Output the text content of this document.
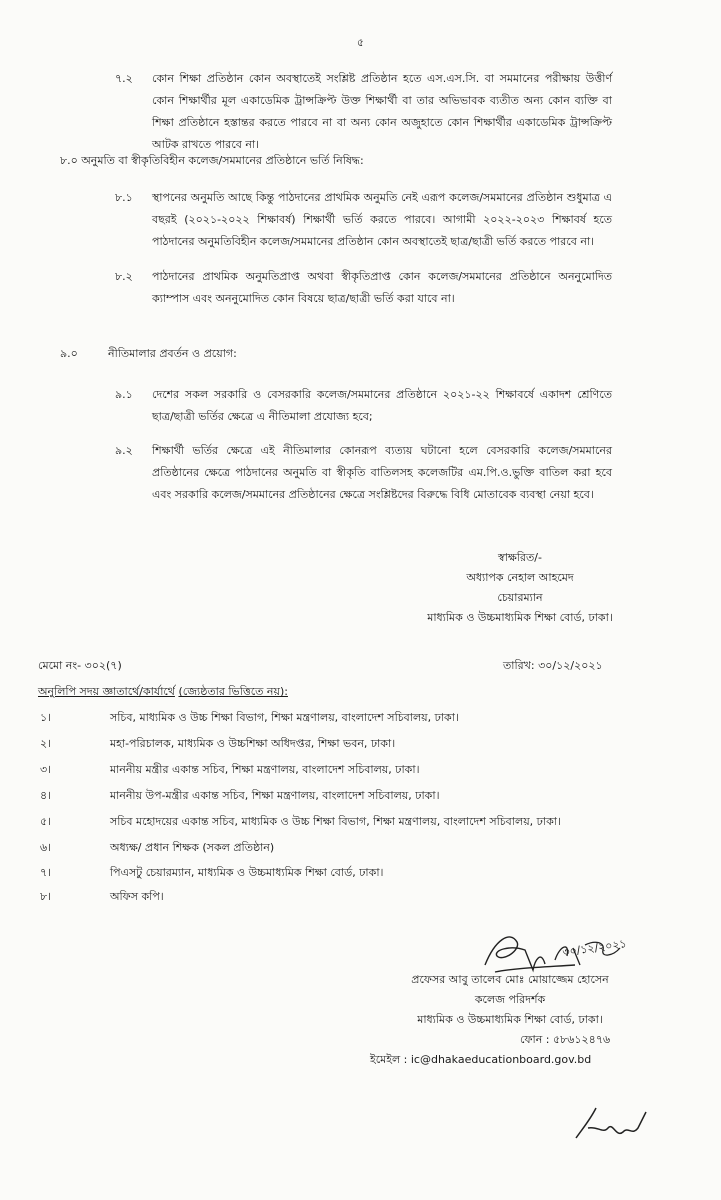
৫
৭.২ কোন শিক্ষা প্রতিষ্ঠান কোন অবস্থাতেই সংশ্লিষ্ট প্রতিষ্ঠান হতে এস.এস.সি. বা সমমানের পরীক্ষায় উত্তীর্ণ কোন শিক্ষার্থীর মূল একাডেমিক ট্রান্সক্রিপ্ট উক্ত শিক্ষার্থী বা তার অভিভাবক ব্যতীত অন্য কোন ব্যক্তি বা শিক্ষা প্রতিষ্ঠানে হস্তান্তর করতে পারবে না বা অন্য কোন অজুহাতে কোন শিক্ষার্থীর একাডেমিক ট্রান্সক্রিপ্ট আটক রাখতে পারবে না।
৮.০ অনুমতি বা স্বীকৃতিবিহীন কলেজ/সমমানের প্রতিষ্ঠানে ভর্তি নিষিদ্ধ:
৮.১ স্থাপনের অনুমতি আছে কিন্তু পাঠদানের প্রাথমিক অনুমতি নেই এরূপ কলেজ/সমমানের প্রতিষ্ঠান শুধুমাত্র এ বছরই (২০২১-২০২২ শিক্ষাবর্ষ) শিক্ষার্থী ভর্তি করতে পারবে। আগামী ২০২২-২০২৩ শিক্ষাবর্ষ হতে পাঠদানের অনুমতিবিহীন কলেজ/সমমানের প্রতিষ্ঠান কোন অবস্থাতেই ছাত্র/ছাত্রী ভর্তি করতে পারবে না।
৮.২ পাঠদানের প্রাথমিক অনুমতিপ্রাপ্ত অথবা স্বীকৃতিপ্রাপ্ত কোন কলেজ/সমমানের প্রতিষ্ঠানে অননুমোদিত ক্যাম্পাস এবং অননুমোদিত কোন বিষয়ে ছাত্র/ছাত্রী ভর্তি করা যাবে না।
৯.০	নীতিমালার প্রবর্তন ও প্রয়োগ:
৯.১ দেশের সকল সরকারি ও বেসরকারি কলেজ/সমমানের প্রতিষ্ঠানে ২০২১-২২ শিক্ষাবর্ষে একাদশ শ্রেণিতে ছাত্র/ছাত্রী ভর্তির ক্ষেত্রে এ নীতিমালা প্রযোজ্য হবে;
৯.২ শিক্ষার্থী ভর্তির ক্ষেত্রে এই নীতিমালার কোনরূপ ব্যত্যয় ঘটানো হলে বেসরকারি কলেজ/সমমানের প্রতিষ্ঠানের ক্ষেত্রে পাঠদানের অনুমতি বা স্বীকৃতি বাতিলসহ কলেজটির এম.পি.ও.ভুক্তি বাতিল করা হবে এবং সরকারি কলেজ/সমমানের প্রতিষ্ঠানের ক্ষেত্রে সংশ্লিষ্টদের বিরুদ্ধে বিধি মোতাবেক ব্যবস্থা নেয়া হবে।
স্বাক্ষরিত/-
অধ্যাপক নেহাল আহমেদ
চেয়ারম্যান
মাধ্যমিক ও উচ্চমাধ্যমিক শিক্ষা বোর্ড, ঢাকা।
মেমো নং- ৩০২(৭)	তারিখ: ৩০/১২/২০২১
অনুলিপি সদয় জ্ঞাতার্থে/কার্যার্থে (জ্যেষ্ঠতার ভিত্তিতে নয়):
১।	সচিব, মাধ্যমিক ও উচ্চ শিক্ষা বিভাগ, শিক্ষা মন্ত্রণালয়, বাংলাদেশ সচিবালয়, ঢাকা।
২।	মহা-পরিচালক, মাধ্যমিক ও উচ্চশিক্ষা অধিদপ্তর, শিক্ষা ভবন, ঢাকা।
৩।	মাননীয় মন্ত্রীর একান্ত সচিব, শিক্ষা মন্ত্রণালয়, বাংলাদেশ সচিবালয়, ঢাকা।
৪।	মাননীয় উপ-মন্ত্রীর একান্ত সচিব, শিক্ষা মন্ত্রণালয়, বাংলাদেশ সচিবালয়, ঢাকা।
৫।	সচিব মহোদয়ের একান্ত সচিব, মাধ্যমিক ও উচ্চ শিক্ষা বিভাগ, শিক্ষা মন্ত্রণালয়, বাংলাদেশ সচিবালয়, ঢাকা।
৬।	অধ্যক্ষ/ প্রধান শিক্ষক (সকল প্রতিষ্ঠান)
৭।	পিএসটু চেয়ারম্যান, মাধ্যমিক ও উচ্চমাধ্যমিক শিক্ষা বোর্ড, ঢাকা।
৮।	অফিস কপি।
৩০/১২/২০২১
প্রফেসর আবু তালেব মোঃ মোয়াজ্জেম হোসেন
কলেজ পরিদর্শক
মাধ্যমিক ও উচ্চমাধ্যমিক শিক্ষা বোর্ড, ঢাকা।
ফোন : ৫৮৬১২৪৭৬
ইমেইল : ic@dhakaeducationboard.gov.bd
